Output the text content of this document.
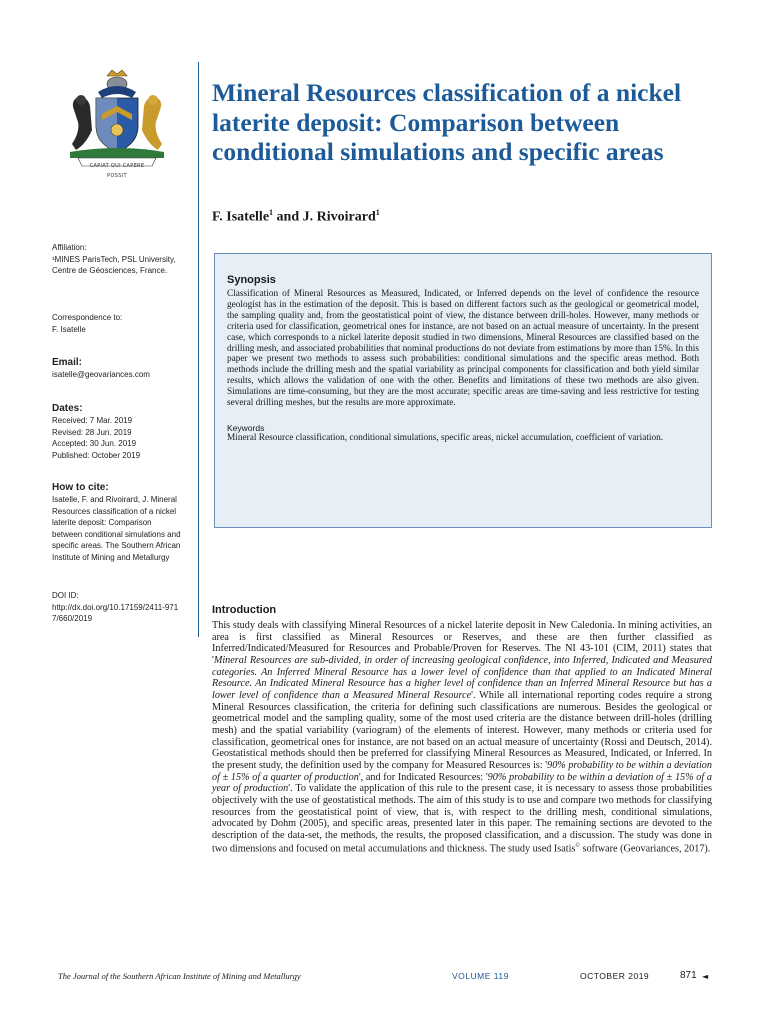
CAPIAT QUI CAPERE POSSIT
Mineral Resources classification of a nickel laterite deposit: Comparison between conditional simulations and specific areas
F. Isatelle$^1$ and J. Rivoirard$^1$
Affiliation:
¹MINES ParisTech, PSL University, Centre de Géosciences, France.
Correspondence to:
F. Isatelle
Email:
isatelle@geovariances.com
Dates:
Received: 7 Mar. 2019
Revised: 28 Jun. 2019
Accepted: 30 Jun. 2019
Published: October 2019
How to cite:
Isatelle, F. and Rivoirard, J. Mineral Resources classification of a nickel laterite deposit: Comparison between conditional simulations and specific areas. The Southern African Institute of Mining and Metallurgy
DOI ID:
http://dx.doi.org/10.17159/2411-9717/660/2019
Synopsis

Classification of Mineral Resources as Measured, Indicated, or Inferred depends on the level of confidence the resource geologist has in the estimation of the deposit. This is based on different factors such as the geological or geometrical model, the sampling quality and, from the geostatistical point of view, the distance between drill-holes. However, many methods or criteria used for classification, geometrical ones for instance, are not based on an actual measure of uncertainty. In the present case, which corresponds to a nickel laterite deposit studied in two dimensions, Mineral Resources are classified based on the drilling mesh, and associated probabilities that nominal productions do not deviate from estimations by more than 15%. In this paper we present two methods to assess such probabilities: conditional simulations and the specific areas method. Both methods include the drilling mesh and the spatial variability as principal components for classification and both yield similar results, which allows the validation of one with the other. Benefits and limitations of these two methods are also given. Simulations are time-consuming, but they are the most accurate; specific areas are time-saving and less restrictive for testing several drilling meshes, but the results are more approximate.

Keywords

Mineral Resource classification, conditional simulations, specific areas, nickel accumulation, coefficient of variation.

Introduction

This study deals with classifying Mineral Resources of a nickel laterite deposit in New Caledonia. In mining activities, an area is first classified as Mineral Resources or Reserves, and these are then further classified as Inferred/Indicated/Measured for Resources and Probable/Proven for Reserves. The NI 43-101 (CIM, 2011) states that 'Mineral Resources are sub-divided, in order of increasing geological confidence, into Inferred, Indicated and Measured categories. An Inferred Mineral Resource has a lower level of confidence than that applied to an Indicated Mineral Resource. An Indicated Mineral Resource has a higher level of confidence than an Inferred Mineral Resource but has a lower level of confidence than a Measured Mineral Resource'. While all international reporting codes require a strong Mineral Resources classification, the criteria for defining such classifications are numerous. Besides the geological or geometrical model and the sampling quality, some of the most used criteria are the distance between drill-holes (drilling mesh) and the spatial variability (variogram) of the elements of interest. However, many methods or criteria used for classification, geometrical ones for instance, are not based on an actual measure of uncertainty (Rossi and Deutsch, 2014). Geostatistical methods should then be preferred for classifying Mineral Resources as Measured, Indicated, or Inferred. In the present study, the definition used by the company for Measured Resources is: '90% probability to be within a deviation of ± 15% of a quarter of production', and for Indicated Resources: '90% probability to be within a deviation of ± 15% of a year of production'. To validate the application of this rule to the present case, it is necessary to assess those probabilities objectively with the use of geostatistical methods. The aim of this study is to use and compare two methods for classifying resources from the geostatistical point of view, that is, with respect to the drilling mesh, conditional simulations, advocated by Dohm (2005), and specific areas, presented later in this paper. The remaining sections are devoted to the description of the data-set, the methods, the results, the proposed classification, and a discussion. The study was done in two dimensions and focused on metal accumulations and thickness. The study used Isatis© software (Geovariances, 2017).

The Journal of the Southern African Institute of Mining and Metallurgy	VOLUME 119	OCTOBER 2019	871 ◄
